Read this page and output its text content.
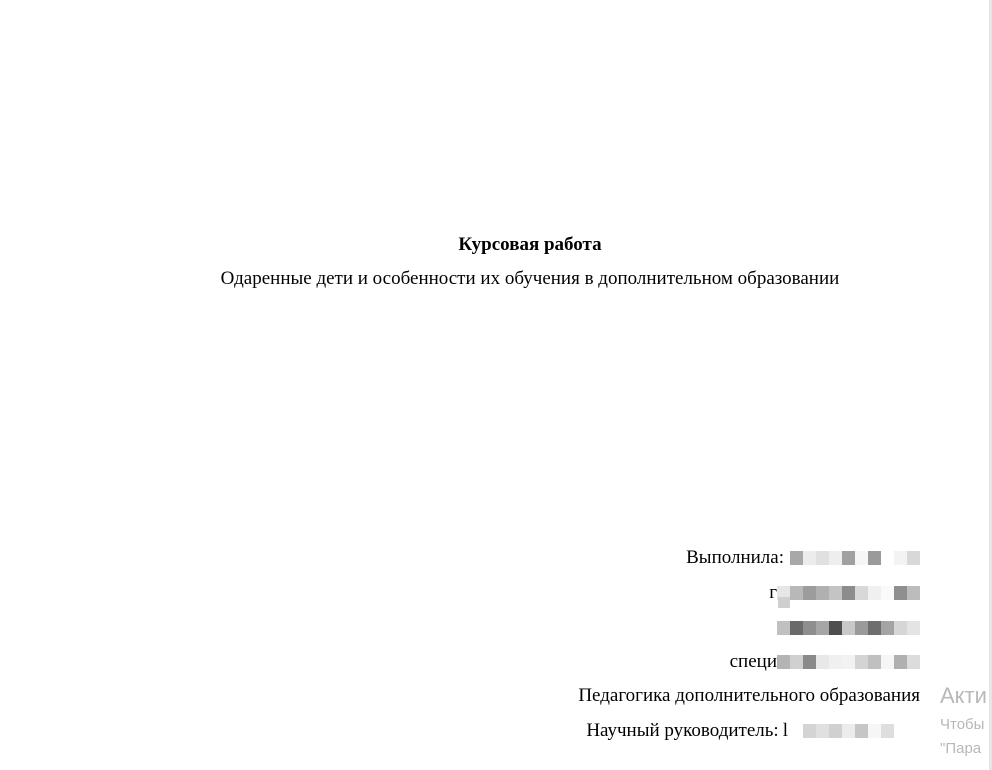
Курсовая работа
Одаренные дети и особенности их обучения в дополнительном образовании
Выполнила:
г
специ
Педагогика дополнительного образования
Научный руководитель: l
Акти
Чтобы
"Пара
